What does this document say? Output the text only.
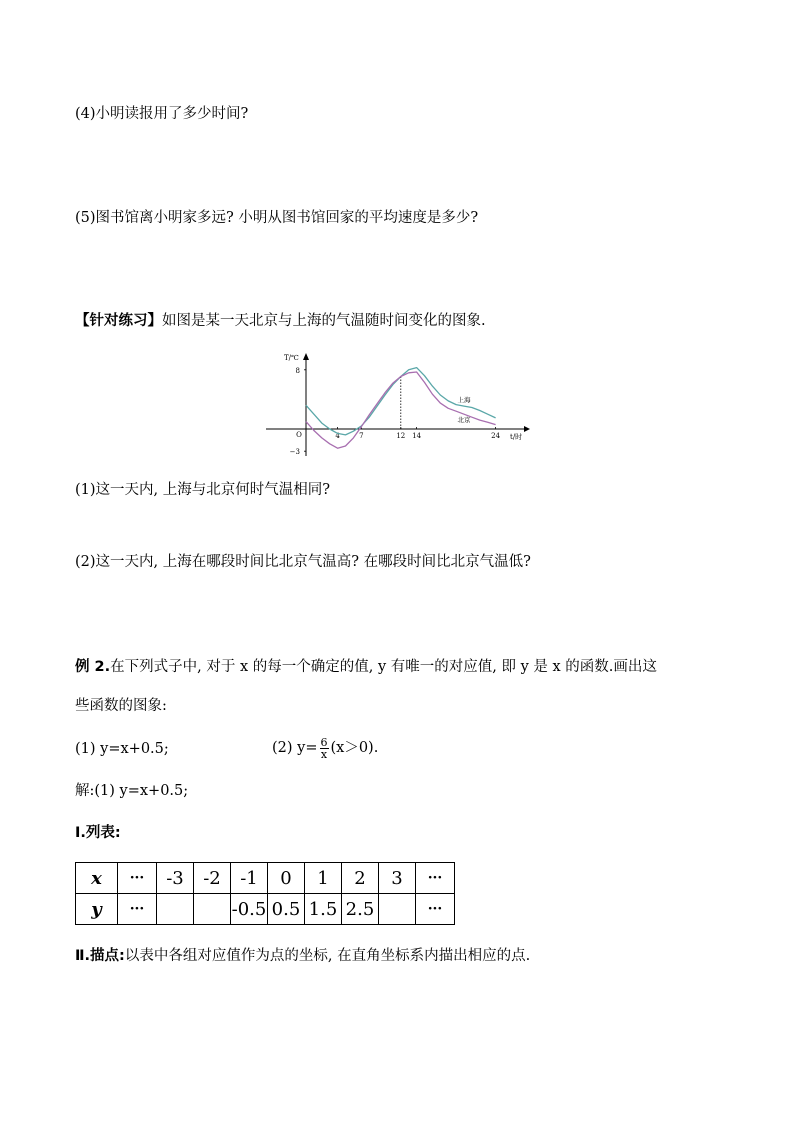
(4)小明读报用了多少时间?
(5)图书馆离小明家多远? 小明从图书馆回家的平均速度是多少?
【针对练习】如图是某一天北京与上海的气温随时间变化的图象.
T/℃
t/时
O
8
−3
4	7	12 14	24
上海
北京
(1)这一天内, 上海与北京何时气温相同?
(2)这一天内, 上海在哪段时间比北京气温高? 在哪段时间比北京气温低?
例 2.在下列式子中, 对于 x 的每一个确定的值, y 有唯一的对应值, 即 y 是 x 的函数.画出这
些函数的图象:
(1) y=x+0.5;	(2) $y= \frac{6}{x} (x>0)$.
解:(1) y=x+0.5;
Ⅰ.列表:
x	···	-3	-2	-1	0	1	2	3	···
y	···			-0.5	0.5	1.5	2.5		···
Ⅱ.描点:以表中各组对应值作为点的坐标, 在直角坐标系内描出相应的点.
